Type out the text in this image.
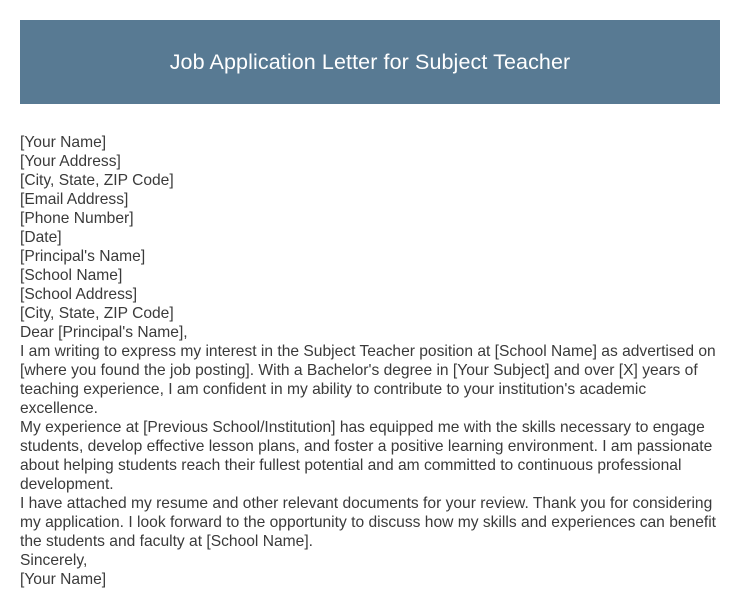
Job Application Letter for Subject Teacher

[Your Name]

[Your Address]

[City, State, ZIP Code]

[Email Address]

[Phone Number]

[Date]

[Principal's Name]

[School Name]

[School Address]

[City, State, ZIP Code]

Dear [Principal's Name],

I am writing to express my interest in the Subject Teacher position at [School Name] as advertised on [where you found the job posting]. With a Bachelor's degree in [Your Subject] and over [X] years of teaching experience, I am confident in my ability to contribute to your institution's academic excellence.

My experience at [Previous School/Institution] has equipped me with the skills necessary to engage students, develop effective lesson plans, and foster a positive learning environment. I am passionate about helping students reach their fullest potential and am committed to continuous professional development.

I have attached my resume and other relevant documents for your review. Thank you for considering my application. I look forward to the opportunity to discuss how my skills and experiences can benefit the students and faculty at [School Name].

Sincerely,

[Your Name]
